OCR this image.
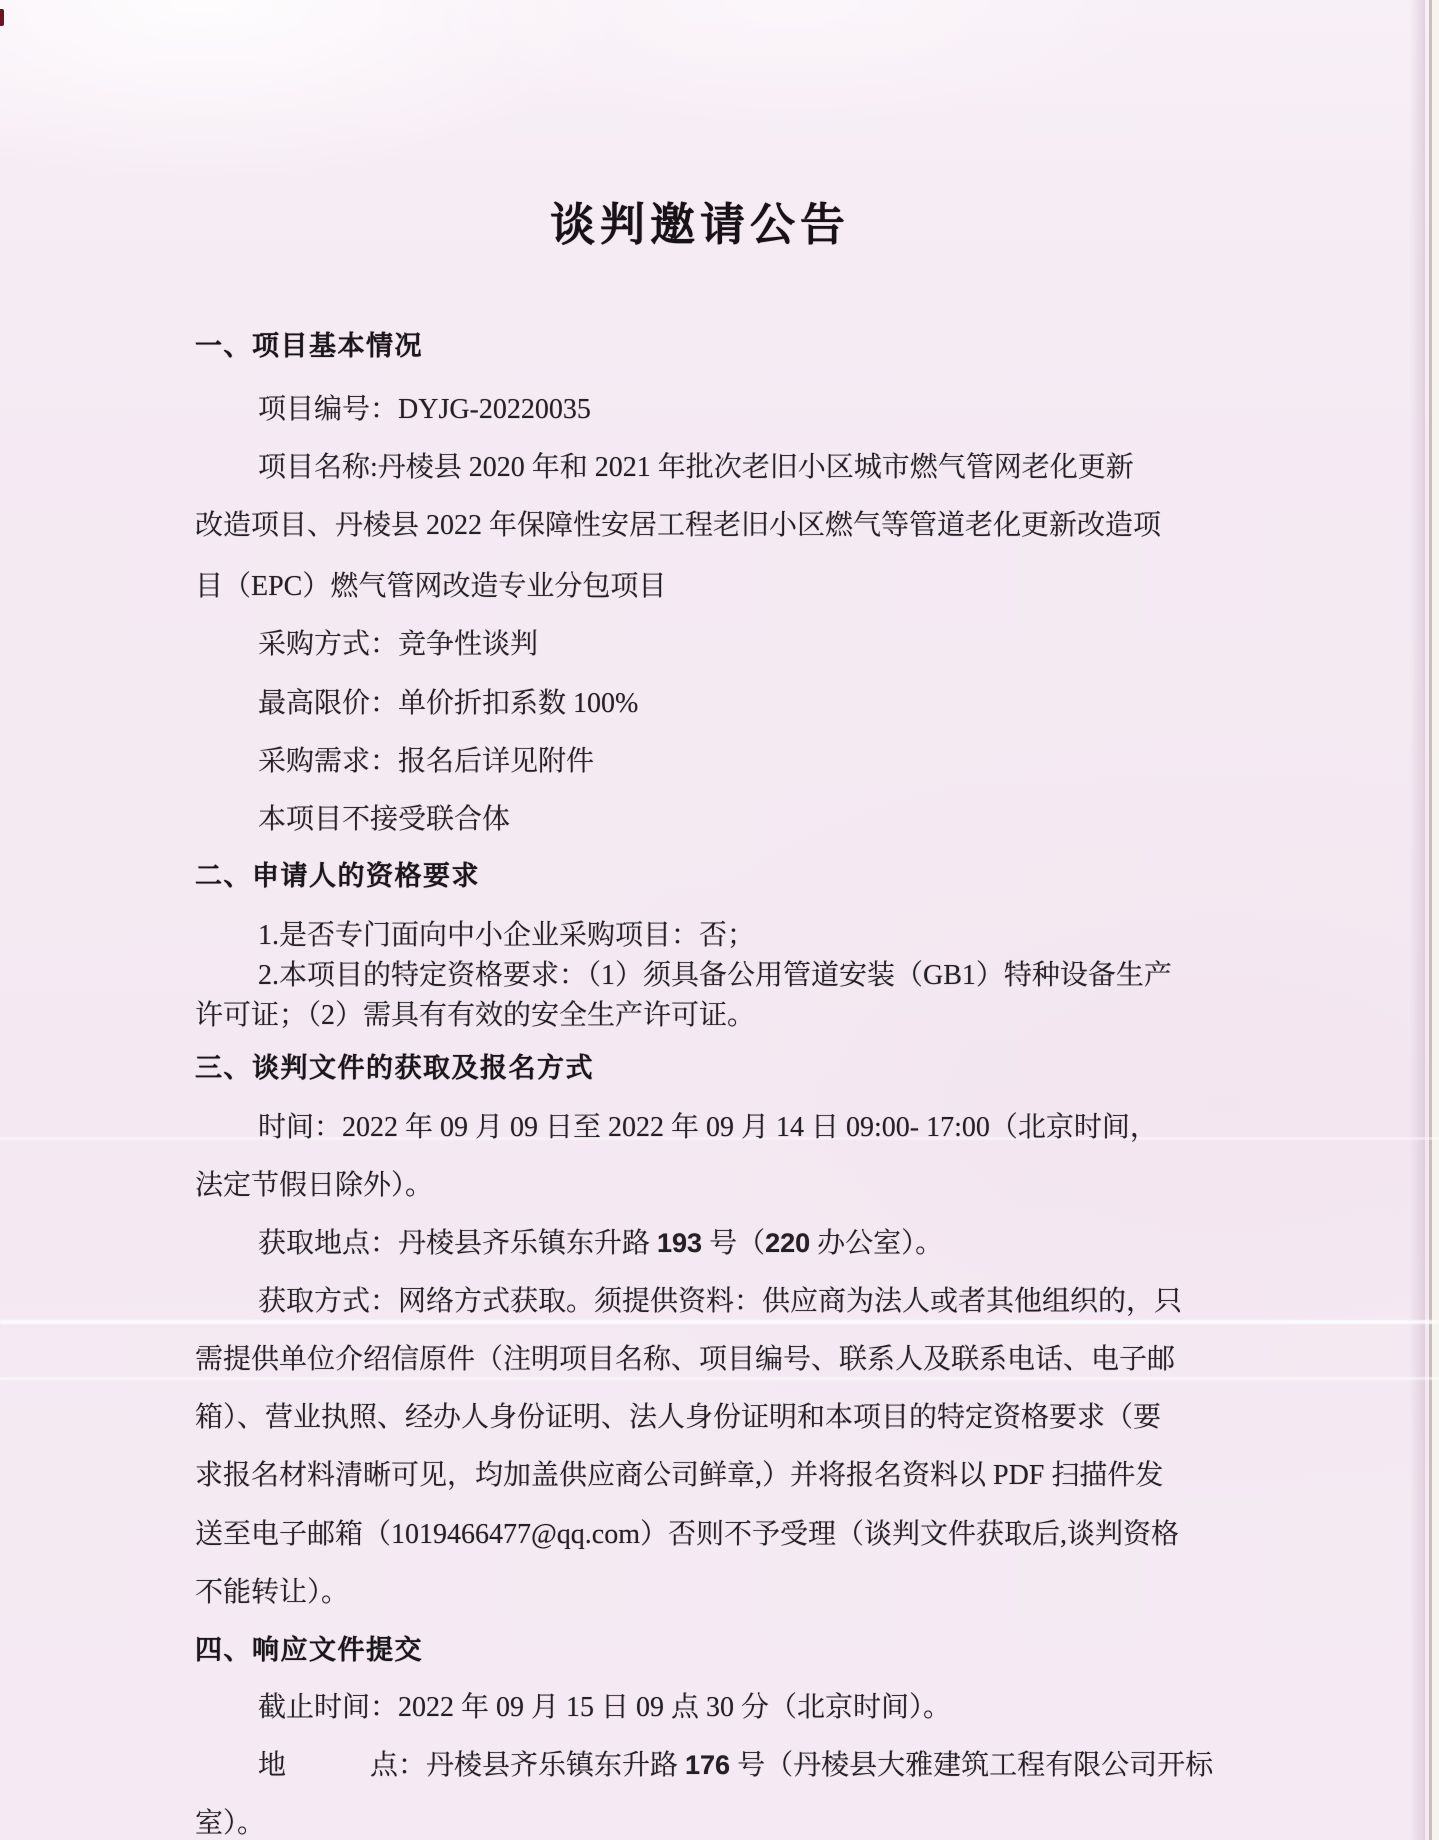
谈判邀请公告
一、项目基本情况
项目编号：DYJG-20220035
项目名称:丹棱县 2020 年和 2021 年批次老旧小区城市燃气管网老化更新
改造项目、丹棱县 2022 年保障性安居工程老旧小区燃气等管道老化更新改造项
目（EPC）燃气管网改造专业分包项目
采购方式：竞争性谈判
最高限价：单价折扣系数 100%
采购需求：报名后详见附件
本项目不接受联合体
二、申请人的资格要求
1.是否专门面向中小企业采购项目：否；
2.本项目的特定资格要求：（1）须具备公用管道安装（GB1）特种设备生产
许可证；（2）需具有有效的安全生产许可证。
三、谈判文件的获取及报名方式
时间：2022 年 09 月 09 日至 2022 年 09 月 14 日 09:00- 17:00（北京时间，
法定节假日除外）。
获取地点：丹棱县齐乐镇东升路 193 号（220 办公室）。
获取方式：网络方式获取。须提供资料：供应商为法人或者其他组织的，只
需提供单位介绍信原件（注明项目名称、项目编号、联系人及联系电话、电子邮
箱）、营业执照、经办人身份证明、法人身份证明和本项目的特定资格要求（要
求报名材料清晰可见，均加盖供应商公司鲜章,）并将报名资料以 PDF 扫描件发
送至电子邮箱（1019466477@qq.com）否则不予受理（谈判文件获取后,谈判资格
不能转让）。
四、响应文件提交
截止时间：2022 年 09 月 15 日 09 点 30 分（北京时间）。
地　　　点：丹棱县齐乐镇东升路 176 号（丹棱县大雅建筑工程有限公司开标
室）。
